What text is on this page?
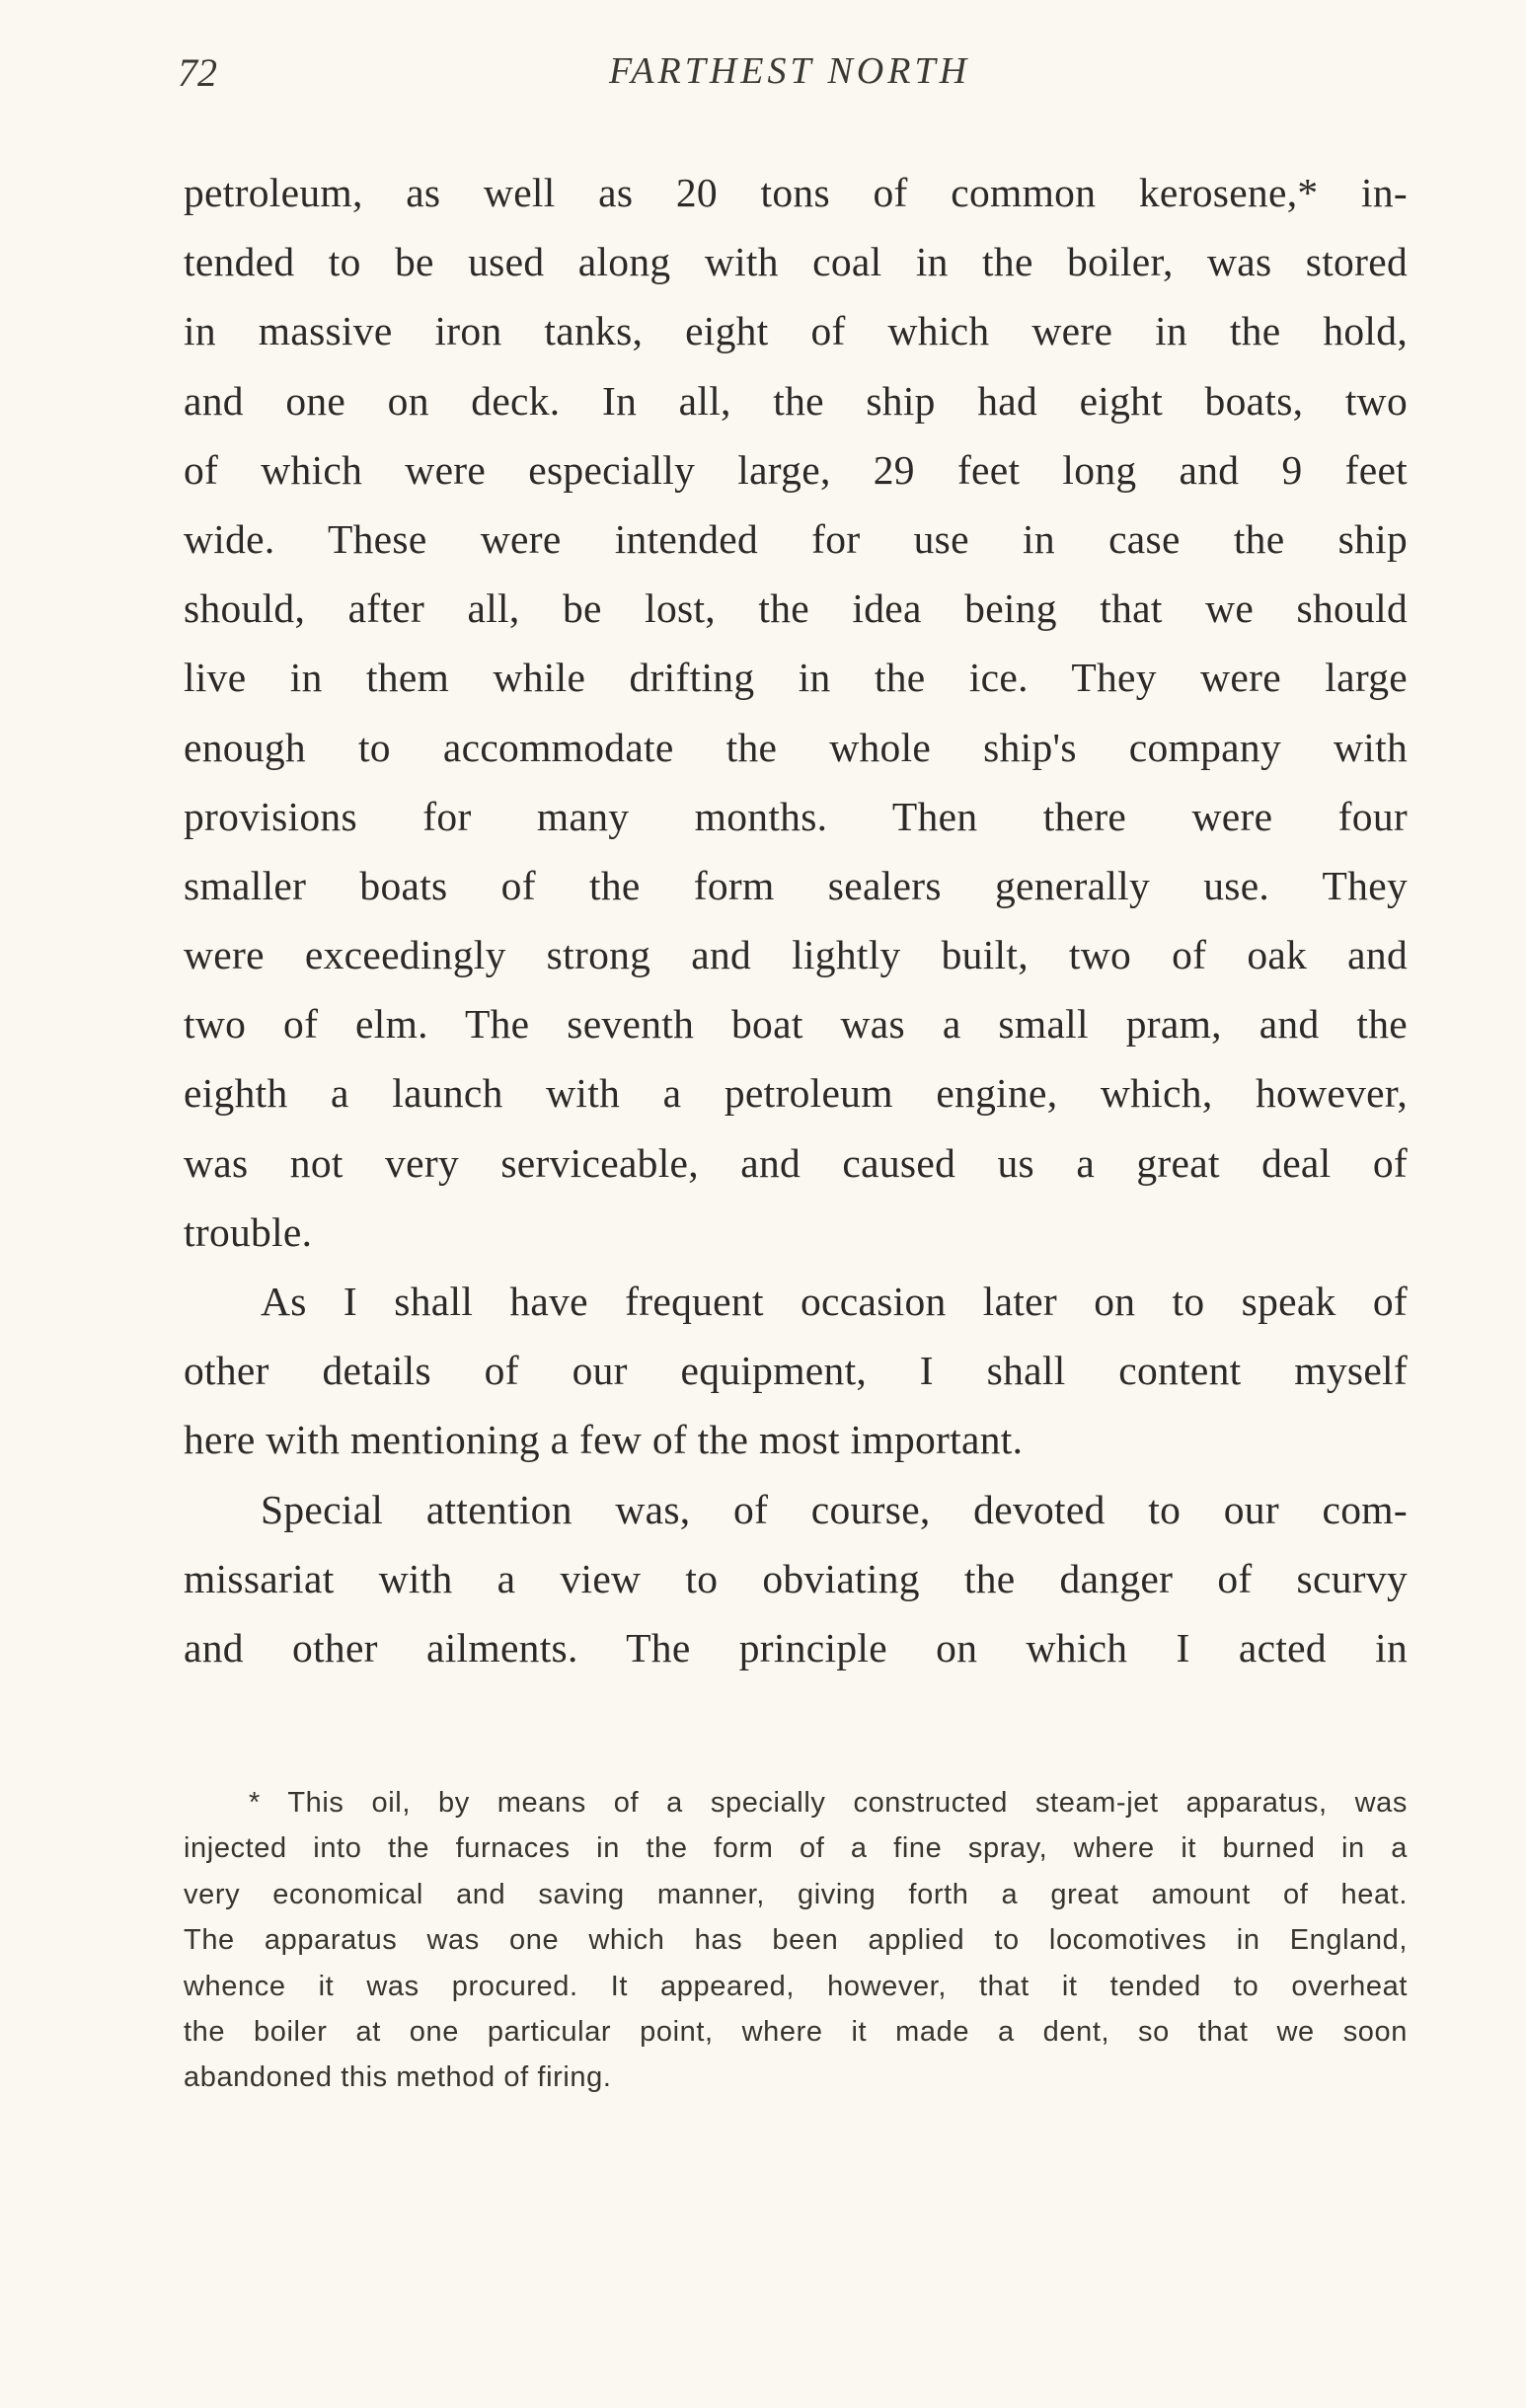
72	FARTHEST NORTH
petroleum, as well as 20 tons of common kerosene,* in-
tended to be used along with coal in the boiler, was stored
in massive iron tanks, eight of which were in the hold,
and one on deck. In all, the ship had eight boats, two
of which were especially large, 29 feet long and 9 feet
wide. These were intended for use in case the ship
should, after all, be lost, the idea being that we should
live in them while drifting in the ice. They were large
enough to accommodate the whole ship's company with
provisions for many months. Then there were four
smaller boats of the form sealers generally use. They
were exceedingly strong and lightly built, two of oak and
two of elm. The seventh boat was a small pram, and the
eighth a launch with a petroleum engine, which, however,
was not very serviceable, and caused us a great deal of
trouble.
As I shall have frequent occasion later on to speak of
other details of our equipment, I shall content myself
here with mentioning a few of the most important.
Special attention was, of course, devoted to our com-
missariat with a view to obviating the danger of scurvy
and other ailments. The principle on which I acted in
* This oil, by means of a specially constructed steam-jet apparatus, was
injected into the furnaces in the form of a fine spray, where it burned in a
very economical and saving manner, giving forth a great amount of heat.
The apparatus was one which has been applied to locomotives in England,
whence it was procured. It appeared, however, that it tended to overheat
the boiler at one particular point, where it made a dent, so that we soon
abandoned this method of firing.
